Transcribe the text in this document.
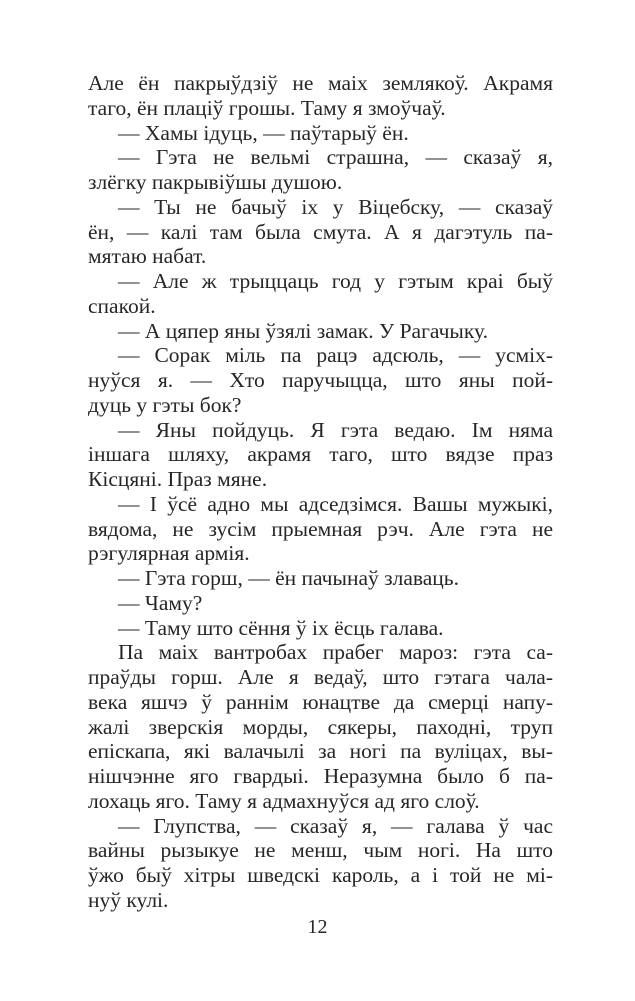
Але ён пакрыўдзіў не маіх землякоў. Акрамя
таго, ён плаціў грошы. Таму я змоўчаў.
— Хамы ідуць, — паўтарыў ён.
— Гэта не вельмі страшна, — сказаў я,
злёгку пакрывіўшы душою.
— Ты не бачыў іх у Віцебску, — сказаў
ён, — калі там была смута. А я дагэтуль па-
мятаю набат.
— Але ж трыццаць год у гэтым краі быў
спакой.
— А цяпер яны ўзялі замак. У Рагачыку.
— Сорак міль па рацэ адсюль, — усміх-
нуўся я. — Хто паручыцца, што яны пой-
дуць у гэты бок?
— Яны пойдуць. Я гэта ведаю. Ім няма
іншага шляху, акрамя таго, што вядзе праз
Кісцяні. Праз мяне.
— І ўсё адно мы адседзімся. Вашы мужыкі,
вядома, не зусім прыемная рэч. Але гэта не
рэгулярная армія.
— Гэта горш, — ён пачынаў злаваць.
— Чаму?
— Таму што сёння ў іх ёсць галава.
Па маіх вантробах прабег мароз: гэта са-
праўды горш. Але я ведаў, што гэтага чала-
века яшчэ ў раннім юнацтве да смерці напу-
жалі зверскія морды, сякеры, паходні, труп
епіскапа, які валачылі за ногі па вуліцах, вы-
нішчэнне яго гвардыі. Неразумна было б па-
лохаць яго. Таму я адмахнуўся ад яго слоў.
— Глупства, — сказаў я, — галава ў час
вайны рызыкуе не менш, чым ногі. На што
ўжо быў хітры шведскі кароль, а і той не мі-
нуў кулі.
12
